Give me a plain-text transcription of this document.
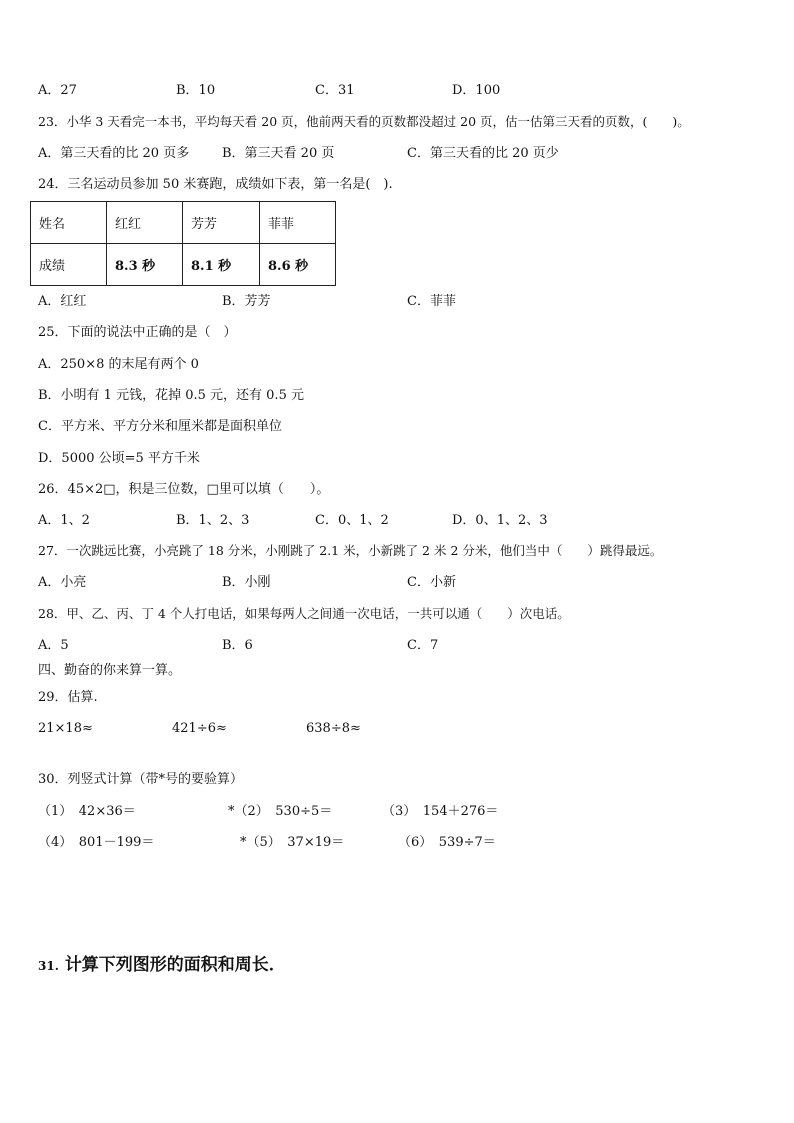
A．27	B．10	C．31	D．100
23．小华 3 天看完一本书，平均每天看 20 页，他前两天看的页数都没超过 20 页，估一估第三天看的页数，(　　)。
A．第三天看的比 20 页多	B．第三天看 20 页	C．第三天看的比 20 页少
24．三名运动员参加 50 米赛跑，成绩如下表，第一名是(　).
姓名	红红	芳芳	菲菲
成绩	8.3 秒	8.1 秒	8.6 秒
A．红红	B．芳芳	C．菲菲
25．下面的说法中正确的是（　）
A．250×8 的末尾有两个 0
B．小明有 1 元钱，花掉 0.5 元，还有 0.5 元
C．平方米、平方分米和厘米都是面积单位
D．5000 公顷=5 平方千米
26．45×2□，积是三位数，□里可以填（　　）。
A．1、2	B．1、2、3	C．0、1、2	D．0、1、2、3
27．一次跳远比赛，小亮跳了 18 分米，小刚跳了 2.1 米，小新跳了 2 米 2 分米，他们当中（　　）跳得最远。
A．小亮	B．小刚	C．小新
28．甲、乙、丙、丁 4 个人打电话，如果每两人之间通一次电话，一共可以通（　　）次电话。
A．5	B．6	C．7
四、勤奋的你来算一算。
29．估算.
21×18≈	421÷6≈	638÷8≈
30．列竖式计算（带*号的要验算）
（1）　42×36＝	*（2）　530÷5＝	（3）　154＋276＝
（4）　801－199＝	*（5）　37×19＝	（6）　539÷7＝
31. 计算下列图形的面积和周长．
